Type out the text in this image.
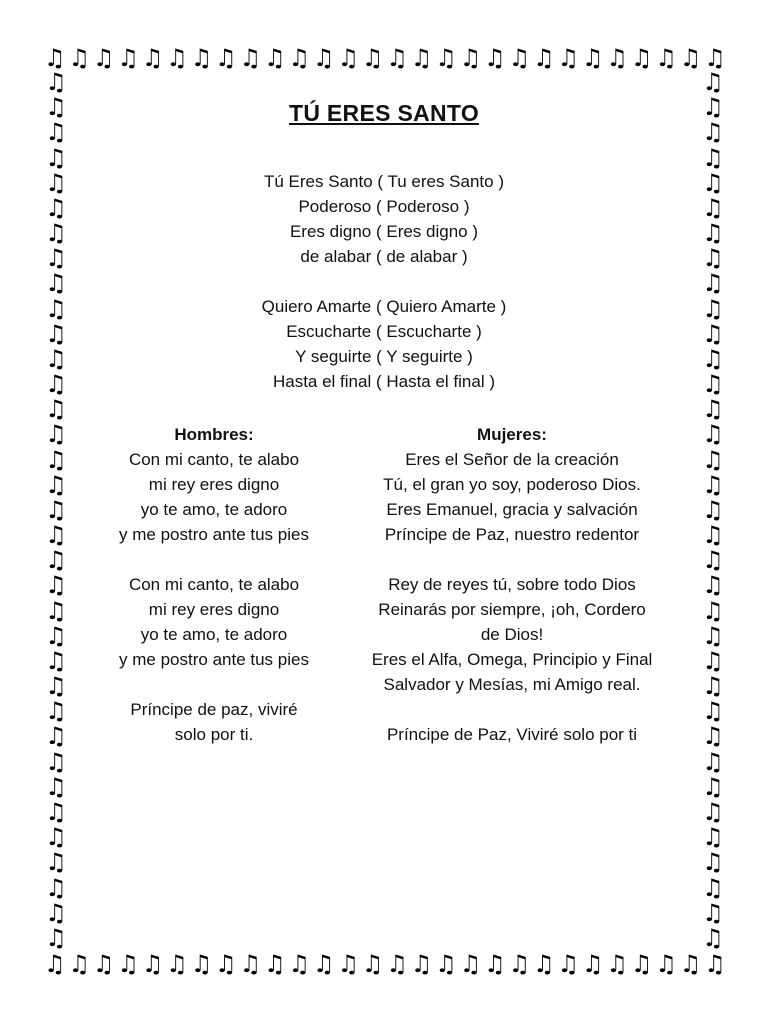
♫ ♫ ♫ ♫ ♫ ♫ ♫ ♫ ♫ ♫ ♫ ♫ ♫ ♫ ♫ ♫ ♫ ♫ ♫ ♫ ♫ ♫ ♫ ♫ ♫ ♫ ♫ ♫
♫ ♫ ♫ ♫ ♫ ♫ ♫ ♫ ♫ ♫ ♫ ♫ ♫ ♫ ♫ ♫ ♫ ♫ ♫ ♫ ♫ ♫ ♫ ♫ ♫ ♫ ♫ ♫
♫
♫
♫
♫
♫
♫
♫
♫
♫
♫
♫
♫
♫
♫
♫
♫
♫
♫
♫
♫
♫
♫
♫
♫
♫
♫
♫
♫
♫
♫
♫
♫
♫
♫
♫
♫
♫
♫
♫
♫
♫
♫
♫
♫
♫
♫
♫
♫
♫
♫
♫
♫
♫
♫
♫
♫
♫
♫
♫
♫
♫
♫
♫
♫
♫
♫
♫
♫
♫
♫
TÚ ERES SANTO
Tú Eres Santo ( Tu eres Santo )
Poderoso ( Poderoso )
Eres digno ( Eres digno )
de alabar ( de alabar )
Quiero Amarte ( Quiero Amarte )
Escucharte ( Escucharte )
Y seguirte ( Y seguirte )
Hasta el final ( Hasta el final )
Hombres:
Con mi canto, te alabo
mi rey eres digno
yo te amo, te adoro
y me postro ante tus pies
Con mi canto, te alabo
mi rey eres digno
yo te amo, te adoro
y me postro ante tus pies
Príncipe de paz, viviré
solo por ti.
Mujeres:
Eres el Señor de la creación
Tú, el gran yo soy, poderoso Dios.
Eres Emanuel, gracia y salvación
Príncipe de Paz, nuestro redentor
Rey de reyes tú, sobre todo Dios
Reinarás por siempre, ¡oh, Cordero
de Dios!
Eres el Alfa, Omega, Principio y Final
Salvador y Mesías, mi Amigo real.
Príncipe de Paz, Viviré solo por ti
